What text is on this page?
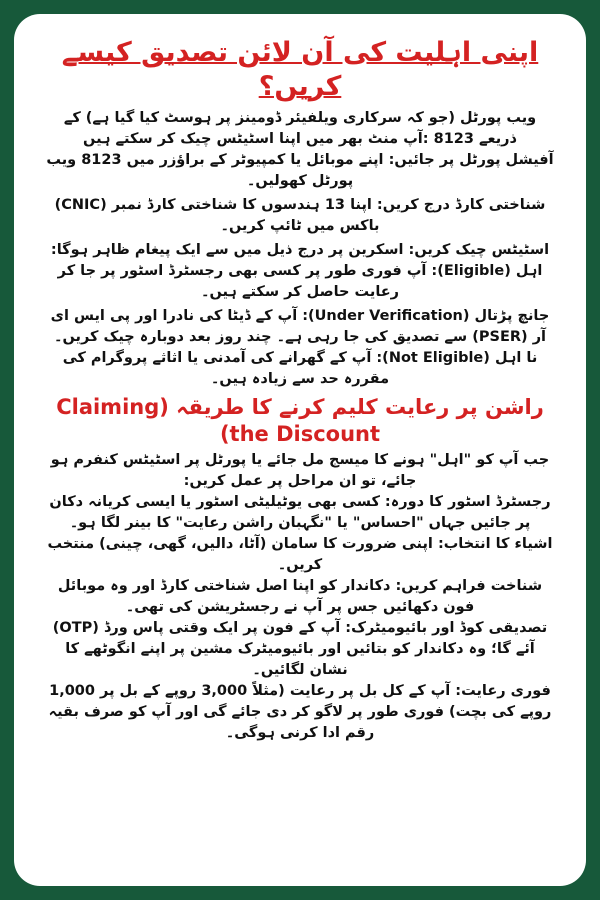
اپنی اہلیت کی آن لائن تصدیق کیسے کریں؟

ویب پورٹل (جو کہ سرکاری ویلفیئر ڈومینز پر ہوسٹ کیا گیا ہے) کے ذریعے 8123 :آپ منٹ بھر میں اپنا اسٹیٹس چیک کر سکتے ہیں

آفیشل پورٹل پر جائیں: اپنے موبائل یا کمپیوٹر کے براؤزر میں 8123 ویب پورٹل کھولیں۔

شناختی کارڈ درج کریں: اپنا 13 ہندسوں کا شناختی کارڈ نمبر (CNIC) باکس میں ٹائپ کریں۔

اسٹیٹس چیک کریں: اسکرین پر درج ذیل میں سے ایک پیغام ظاہر ہوگا:

اہل (Eligible): آپ فوری طور پر کسی بھی رجسٹرڈ اسٹور پر جا کر رعایت حاصل کر سکتے ہیں۔

جانچ پڑتال (Under Verification): آپ کے ڈیٹا کی نادرا اور پی ایس ای آر (PSER) سے تصدیق کی جا رہی ہے۔ چند روز بعد دوبارہ چیک کریں۔

نا اہل (Not Eligible): آپ کے گھرانے کی آمدنی یا اثاثے پروگرام کی مقررہ حد سے زیادہ ہیں۔

راشن پر رعایت کلیم کرنے کا طریقہ (Claiming the Discount)

جب آپ کو "اہل" ہونے کا میسج مل جائے یا پورٹل پر اسٹیٹس کنفرم ہو جائے، تو ان مراحل پر عمل کریں:

رجسٹرڈ اسٹور کا دورہ: کسی بھی یوٹیلیٹی اسٹور یا ایسی کریانہ دکان پر جائیں جہاں "احساس" یا "نگہبان راشن رعایت" کا بینر لگا ہو۔

اشیاء کا انتخاب: اپنی ضرورت کا سامان (آٹا، دالیں، گھی، چینی) منتخب کریں۔

شناخت فراہم کریں: دکاندار کو اپنا اصل شناختی کارڈ اور وہ موبائل فون دکھائیں جس پر آپ نے رجسٹریشن کی تھی۔

تصدیقی کوڈ اور بائیومیٹرک: آپ کے فون پر ایک وقتی پاس ورڈ (OTP) آئے گا؛ وہ دکاندار کو بتائیں اور بائیومیٹرک مشین پر اپنے انگوٹھے کا نشان لگائیں۔

فوری رعایت: آپ کے کل بل پر رعایت (مثلاً 3,000 روپے کے بل پر 1,000 روپے کی بچت) فوری طور پر لاگو کر دی جائے گی اور آپ کو صرف بقیہ رقم ادا کرنی ہوگی۔
